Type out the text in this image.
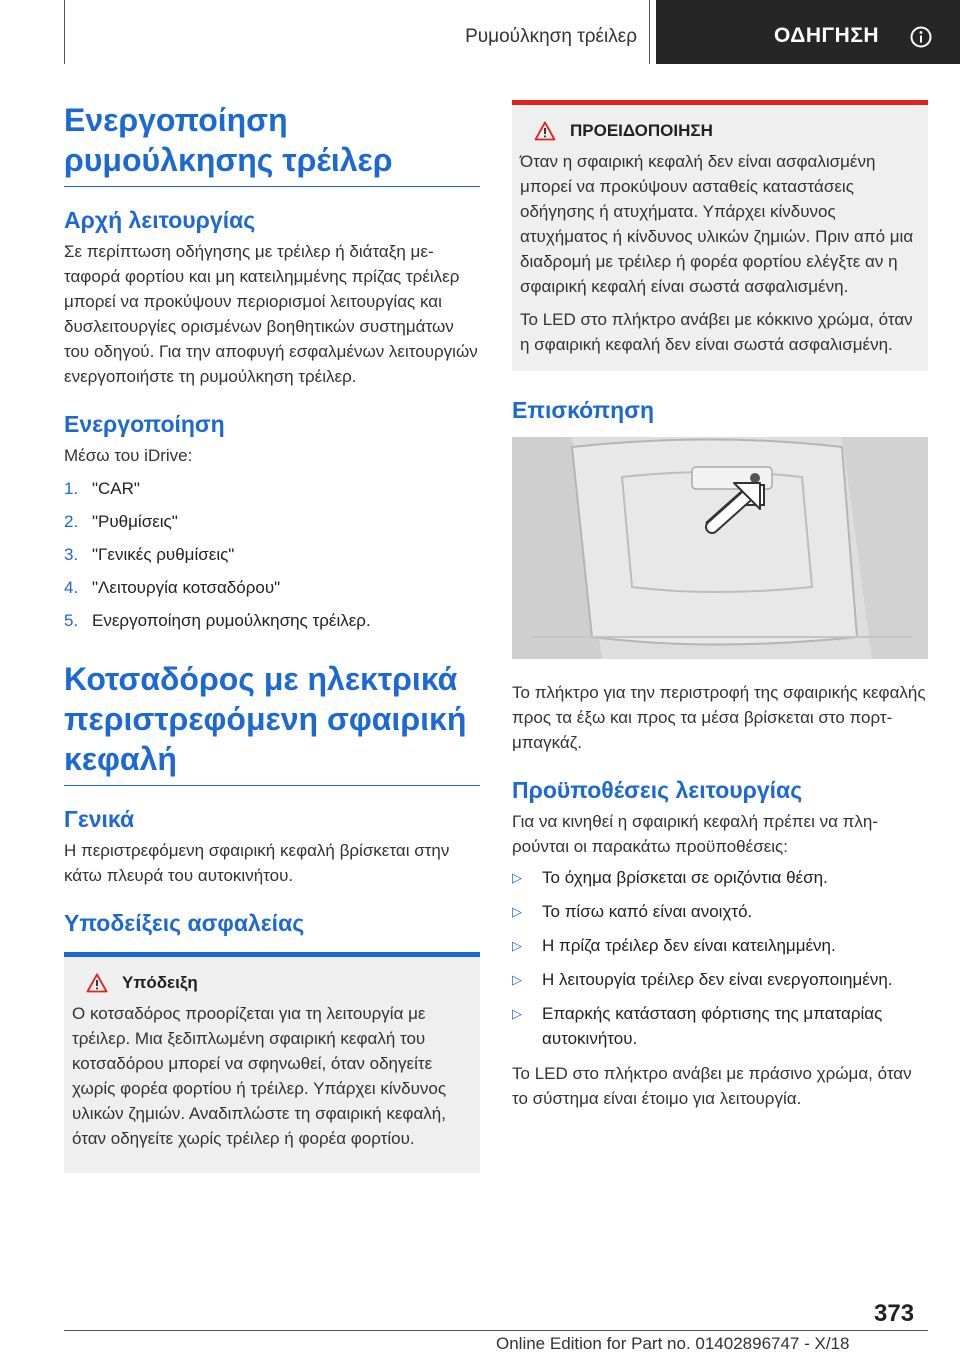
Ρυμούλκηση τρέιλερ	ΟΔΗΓΗΣΗ
Ενεργοποίηση ρυμούλκησης τρέιλερ
Αρχή λειτουργίας
Σε περίπτωση οδήγησης με τρέιλερ ή διάταξη μεταφορά φορτίου και μη κατειλημμένης πρίζας τρέιλερ μπορεί να προκύψουν περιορισμοί λειτουργίας και δυσλειτουργίες ορισμένων βοηθητικών συστημάτων του οδηγού. Για την αποφυγή εσφαλμένων λειτουργιών ενεργοποιήστε τη ρυμούλκηση τρέιλερ.
Ενεργοποίηση
Μέσω του iDrive:
1. "CAR"
2. "Ρυθμίσεις"
3. "Γενικές ρυθμίσεις"
4. "Λειτουργία κοτσαδόρου"
5. Ενεργοποίηση ρυμούλκησης τρέιλερ.
Κοτσαδόρος με ηλεκτρικά περιστρεφόμενη σφαιρική κεφαλή
Γενικά
Η περιστρεφόμενη σφαιρική κεφαλή βρίσκεται στην κάτω πλευρά του αυτοκινήτου.
Υποδείξεις ασφαλείας
Υπόδειξη
Ο κοτσαδόρος προορίζεται για τη λειτουργία με τρέιλερ. Μια ξεδιπλωμένη σφαιρική κεφαλή του κοτσαδόρου μπορεί να σφηνωθεί, όταν οδηγείτε χωρίς φορέα φορτίου ή τρέιλερ. Υπάρχει κίνδυνος υλικών ζημιών. Αναδιπλώστε τη σφαιρική κεφαλή, όταν οδηγείτε χωρίς τρέιλερ ή φορέα φορτίου.
ΠΡΟΕΙΔΟΠΟΙΗΣΗ
Όταν η σφαιρική κεφαλή δεν είναι ασφαλισμένη μπορεί να προκύψουν ασταθείς καταστάσεις οδήγησης ή ατυχήματα. Υπάρχει κίνδυνος ατυχήματος ή κίνδυνος υλικών ζημιών. Πριν από μια διαδρομή με τρέιλερ ή φορέα φορτίου ελέγξτε αν η σφαιρική κεφαλή είναι σωστά ασφαλισμένη.
Το LED στο πλήκτρο ανάβει με κόκκινο χρώμα, όταν η σφαιρική κεφαλή δεν είναι σωστά ασφαλισμένη.
Επισκόπηση
Το πλήκτρο για την περιστροφή της σφαιρικής κεφαλής προς τα έξω και προς τα μέσα βρίσκεται στο πορτ-μπαγκάζ.
Προϋποθέσεις λειτουργίας
Για να κινηθεί η σφαιρική κεφαλή πρέπει να πληρούνται οι παρακάτω προϋποθέσεις:
▷	Το όχημα βρίσκεται σε οριζόντια θέση.
▷	Το πίσω καπό είναι ανοιχτό.
▷	Η πρίζα τρέιλερ δεν είναι κατειλημμένη.
▷	Η λειτουργία τρέιλερ δεν είναι ενεργοποιημένη.
▷	Επαρκής κατάσταση φόρτισης της μπαταρίας αυτοκινήτου.
Το LED στο πλήκτρο ανάβει με πράσινο χρώμα, όταν το σύστημα είναι έτοιμο για λειτουργία.
373
Online Edition for Part no. 01402896747 - X/18
